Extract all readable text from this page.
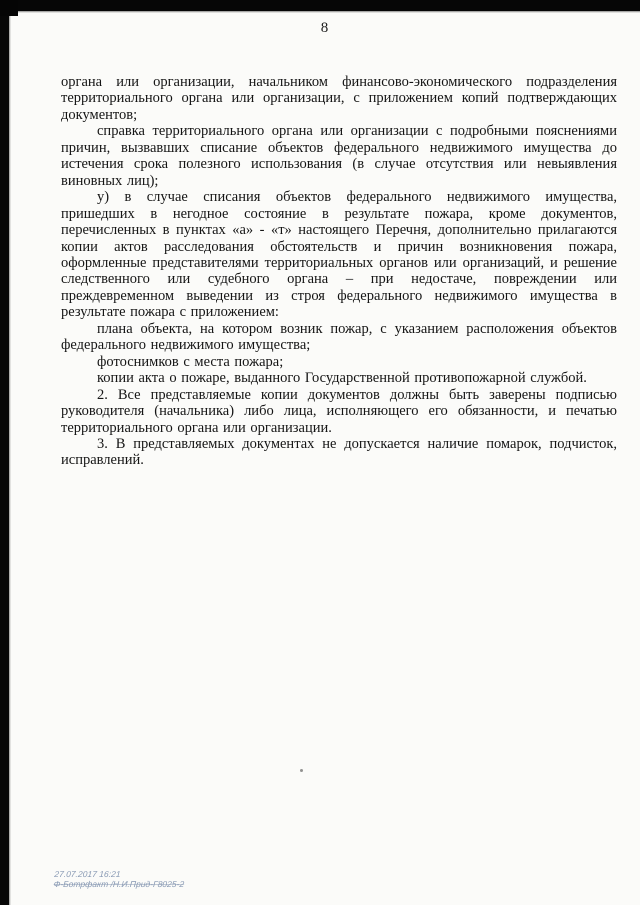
8

органа или организации, начальником финансово-экономического подразделения территориального органа или организации, с приложением копий подтверждающих документов;

справка территориального органа или организации с подробными пояснениями причин, вызвавших списание объектов федерального недвижимого имущества до истечения срока полезного использования (в случае отсутствия или невыявления виновных лиц);

у) в случае списания объектов федерального недвижимого имущества, пришедших в негодное состояние в результате пожара, кроме документов, перечисленных в пунктах «а» - «т» настоящего Перечня, дополнительно прилагаются копии актов расследования обстоятельств и причин возникновения пожара, оформленные представителями территориальных органов или организаций, и решение следственного или судебного органа – при недостаче, повреждении или преждевременном выведении из строя федерального недвижимого имущества в результате пожара с приложением:

плана объекта, на котором возник пожар, с указанием расположения объектов федерального недвижимого имущества;

фотоснимков с места пожара;

копии акта о пожаре, выданного Государственной противопожарной службой.

2. Все представляемые копии документов должны быть заверены подписью руководителя (начальника) либо лица, исполняющего его обязанности, и печатью территориального органа или организации.

3. В представляемых документах не допускается наличие помарок, подчисток, исправлений.

27.07.2017 16:21
Ф-Ботрфакт /Н.И.Прид-Г8025-2
